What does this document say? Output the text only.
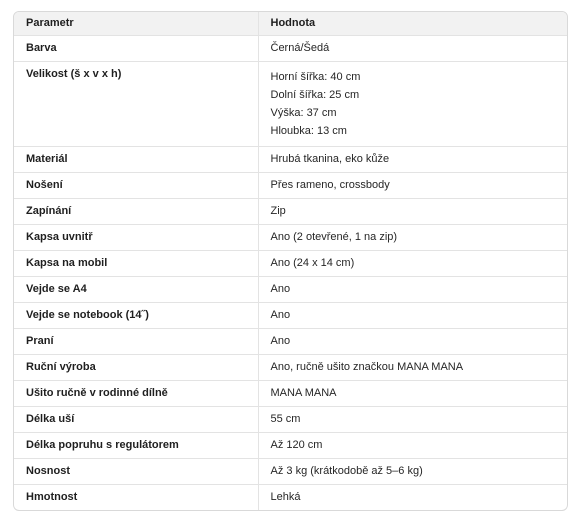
Parametr	Hodnota
Barva	Černá/Šedá

Velikost (š x v x h)	Horní šířka: 40 cm
Dolní šířka: 25 cm
Výška: 37 cm
Hloubka: 13 cm

Materiál	Hrubá tkanina, eko kůže

Nošení	Přes rameno, crossbody

Zapínání	Zip

Kapsa uvnitř	Ano (2 otevřené, 1 na zip)

Kapsa na mobil	Ano (24 x 14 cm)

Vejde se A4	Ano

Vejde se notebook (14˝)	Ano

Praní	Ano

Ruční výroba	Ano, ručně ušito značkou MANA MANA

Ušito ručně v rodinné dílně	MANA MANA

Délka uší	55 cm

Délka popruhu s regulátorem	Až 120 cm

Nosnost	Až 3 kg (krátkodobě až 5–6 kg)

Hmotnost	Lehká
